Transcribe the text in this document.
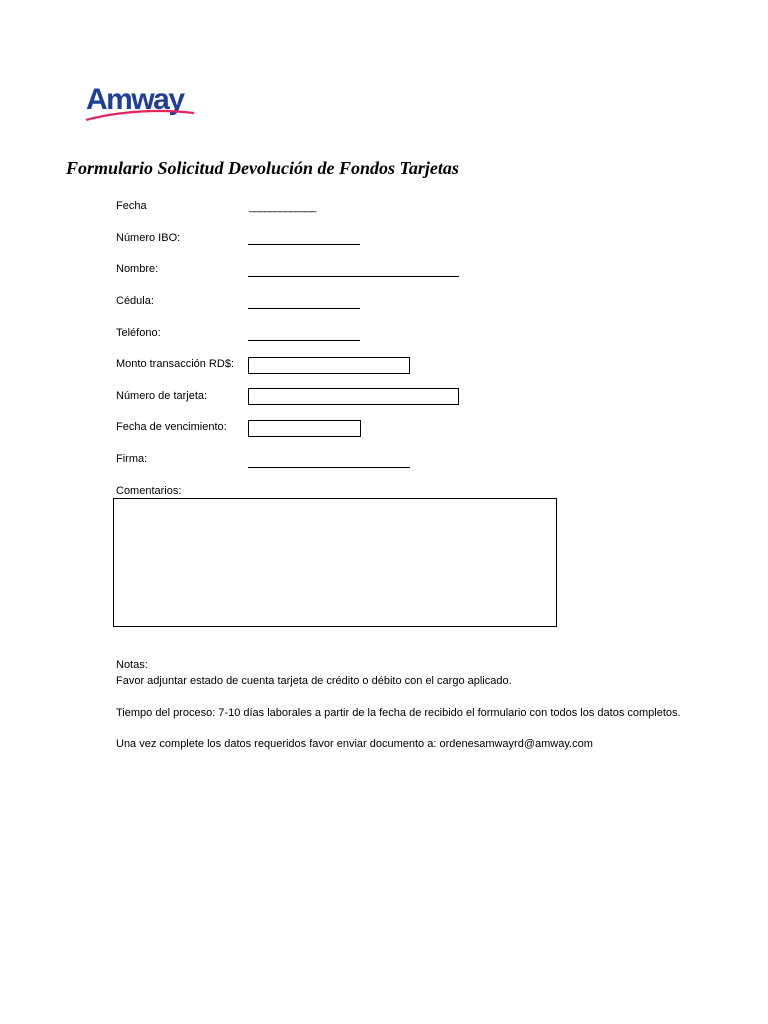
Amway
Formulario Solicitud Devolución de Fondos Tarjetas
Fecha	_____________
Número IBO:
Nombre:
Cédula:
Teléfono:
Monto transacción RD$:
Número de tarjeta:
Fecha de vencimiento:
Firma:
Comentarios:
Notas:
Favor adjuntar estado de cuenta tarjeta de crédito o débito con el cargo aplicado.
Tiempo del proceso: 7-10 días laborales a partir de la fecha de recibido el formulario con todos los datos completos.
Una vez complete los datos requeridos favor enviar documento a: ordenesamwayrd@amway.com
